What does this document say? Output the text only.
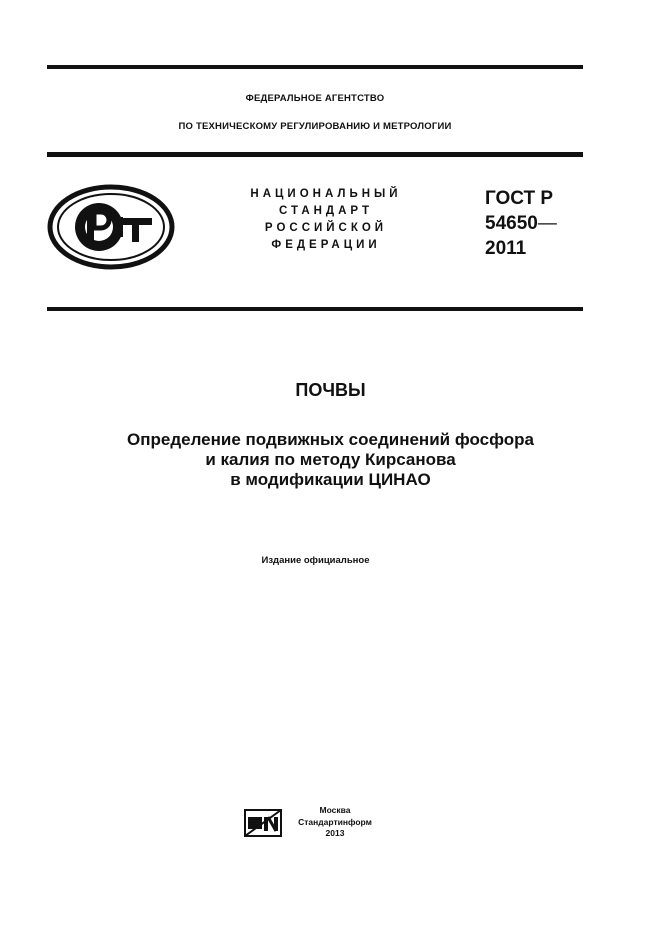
ФЕДЕРАЛЬНОЕ АГЕНТСТВО
ПО ТЕХНИЧЕСКОМУ РЕГУЛИРОВАНИЮ И МЕТРОЛОГИИ
НАЦИОНАЛЬНЫЙ
СТАНДАРТ
РОССИЙСКОЙ
ФЕДЕРАЦИИ
ГОСТ Р
54650—
2011
ПОЧВЫ
Определение подвижных соединений фосфора
и калия по методу Кирсанова
в модификации ЦИНАО
Издание официальное
Москва
Стандартинформ
2013
